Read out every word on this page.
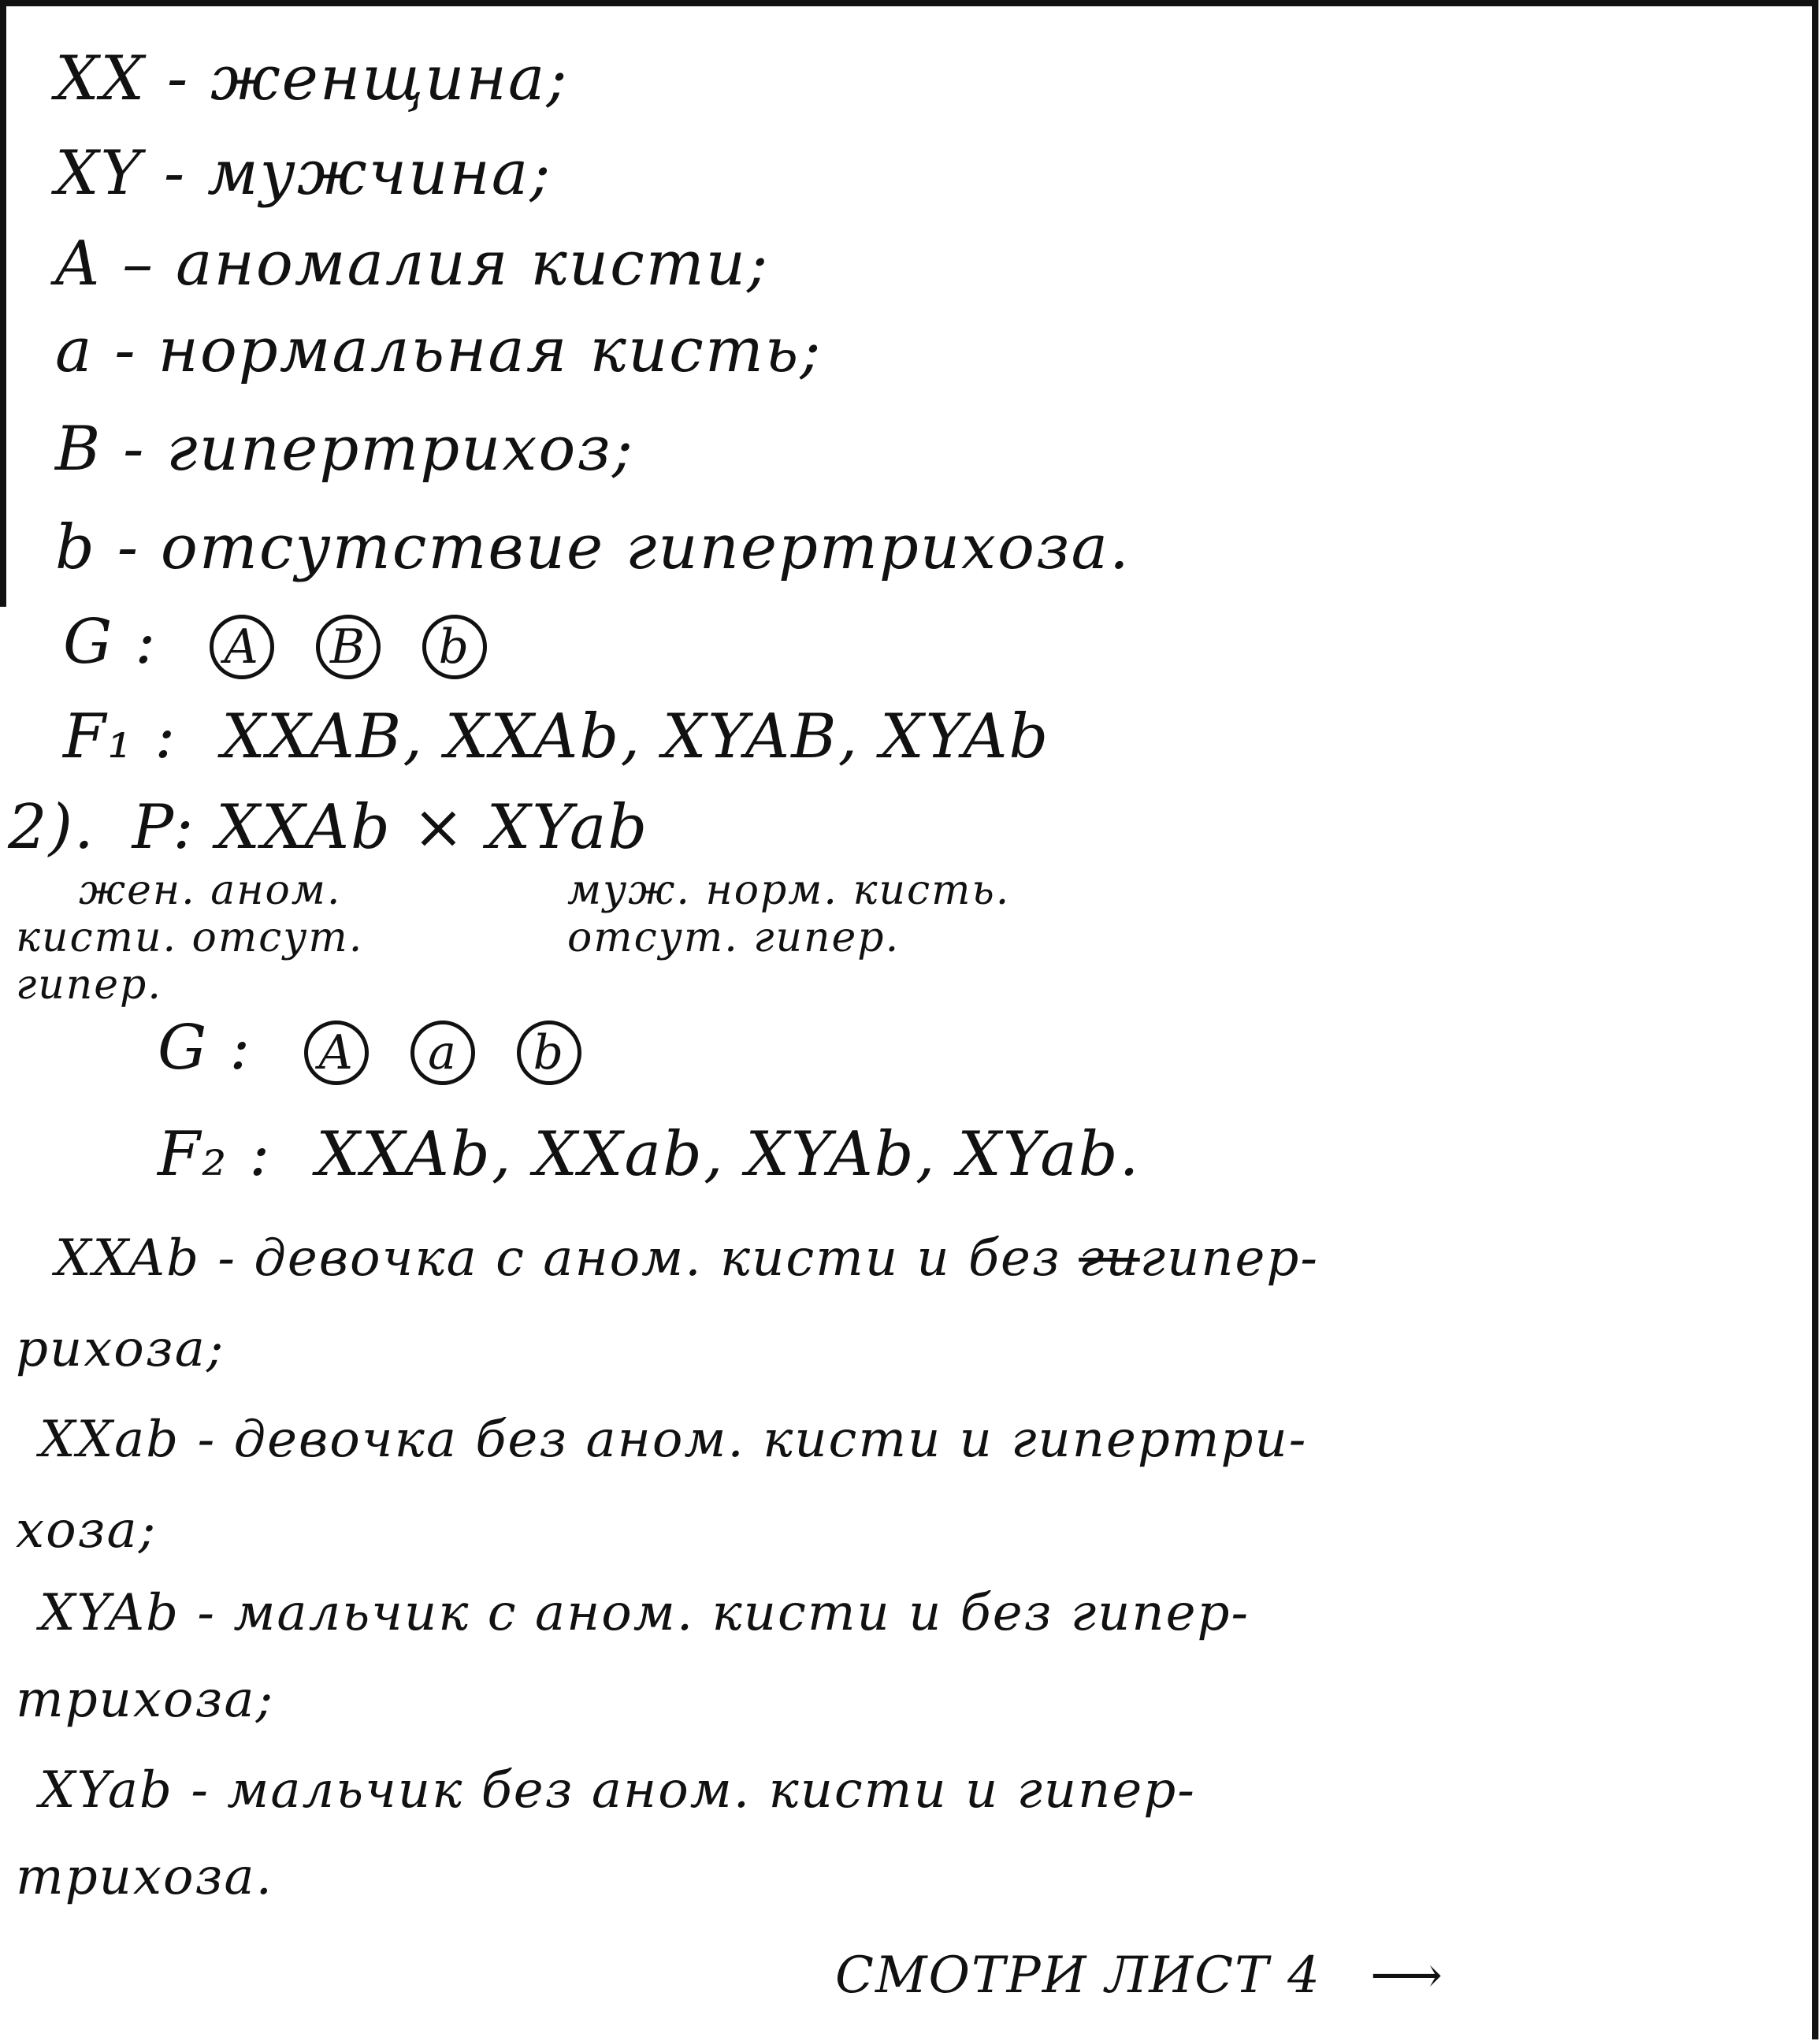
XX - женщина;
XY - мужчина;
A – аномалия кисти;
a - нормальная кисть;
B - гипертрихоз;
b - отсутствие гипертрихоза.
G : A B b
F₁ : XXAB, XXAb, XYAB, XYAb
2). P: XXAb × XYab
жен. аном.	муж. норм. кисть.
кисти. отсут.	отсут. гипер.
гипер.
G : A a b
F₂ : XXAb, XXab, XYAb, XYab.
XXAb - девочка с аном. кисти и без гигипер-
рихоза;
XXab - девочка без аном. кисти и гипертри-
хоза;
XYAb - мальчик с аном. кисти и без гипер-
трихоза;
XYab - мальчик без аном. кисти и гипер-
трихоза.
СМОТРИ ЛИСТ 4 ⟶
